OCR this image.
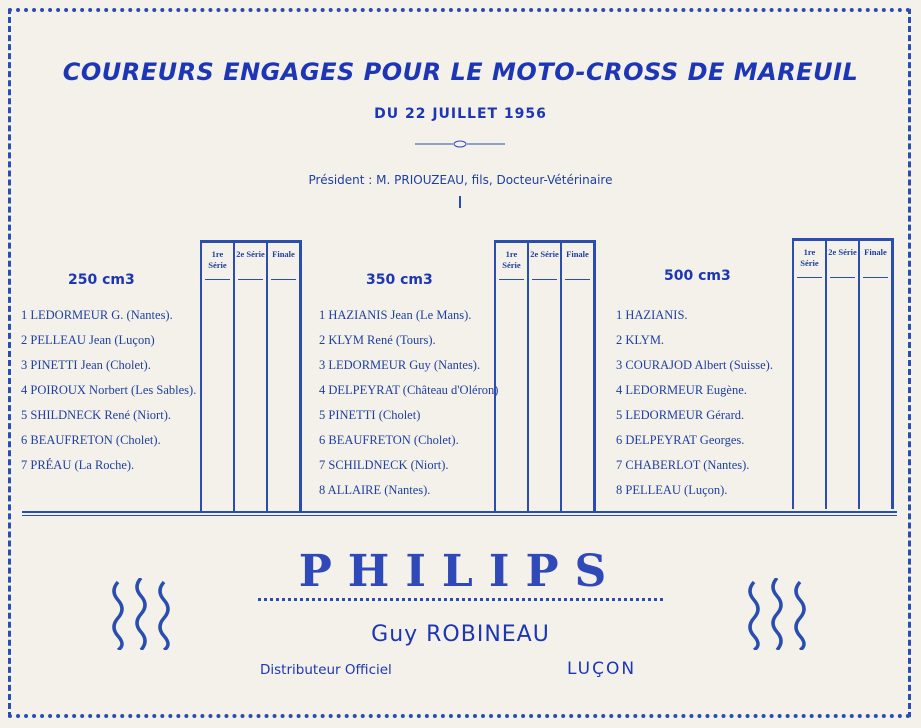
COUREURS ENGAGES POUR LE MOTO-CROSS DE MAREUIL
DU 22 JUILLET 1956
Président : M. PRIOUZEAU, fils, Docteur-Vétérinaire
250 cm3
1 LEDORMEUR G. (Nantes).
2 PELLEAU Jean (Luçon)
3 PINETTI Jean (Cholet).
4 POIROUX Norbert (Les Sables).
5 SHILDNECK René (Niort).
6 BEAUFRETON (Cholet).
7 PRÉAU (La Roche).
1re Série
2e Série Finale
350 cm3
1 HAZIANIS Jean (Le Mans).
2 KLYM René (Tours).
3 LEDORMEUR Guy (Nantes).
4 DELPEYRAT (Château d'Oléron)
5 PINETTI (Cholet)
6 BEAUFRETON (Cholet).
7 SCHILDNECK (Niort).
8 ALLAIRE (Nantes).
1re Série
2e Série Finale
500 cm3
1 HAZIANIS.
2 KLYM.
3 COURAJOD Albert (Suisse).
4 LEDORMEUR Eugène.
5 LEDORMEUR Gérard.
6 DELPEYRAT Georges.
7 CHABERLOT (Nantes).
8 PELLEAU (Luçon).
1re Série
2e Série Finale
PHILIPS
Guy ROBINEAU
Distributeur Officiel	LUÇON
